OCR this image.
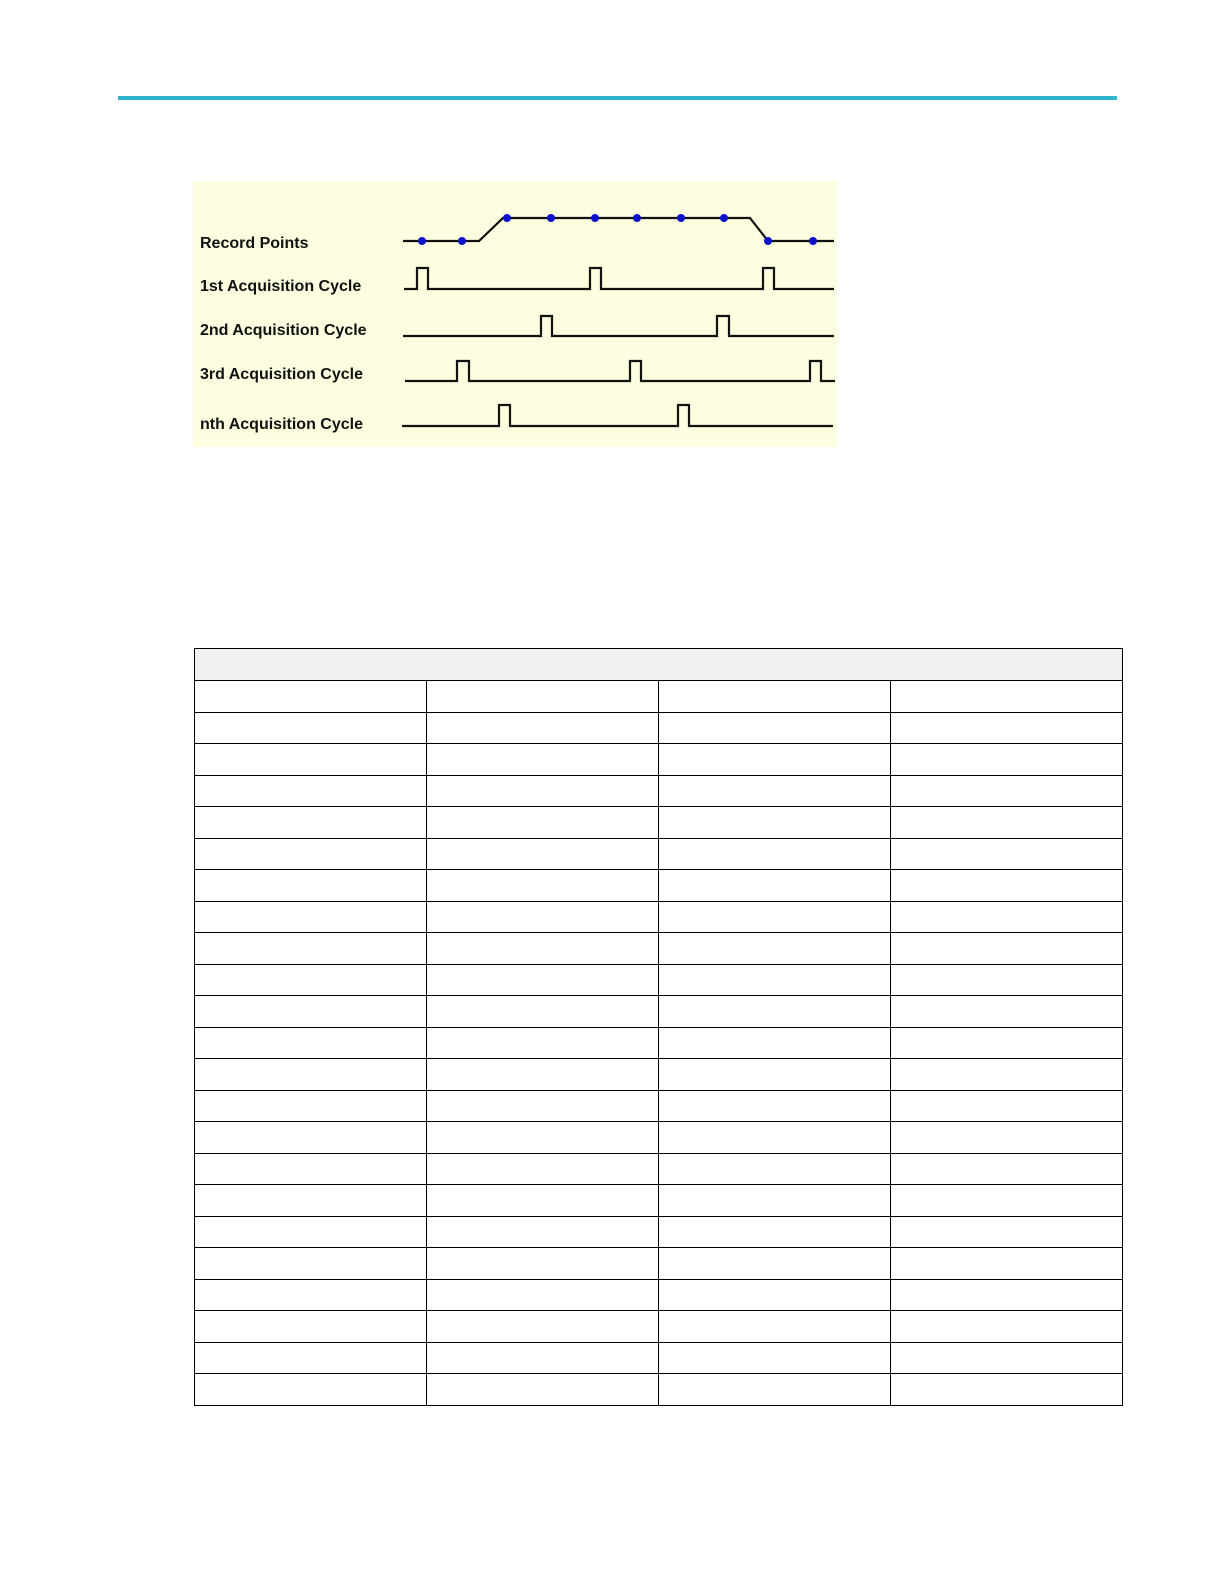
Record Points
1st Acquisition Cycle
2nd Acquisition Cycle
3rd Acquisition Cycle
nth Acquisition Cycle
